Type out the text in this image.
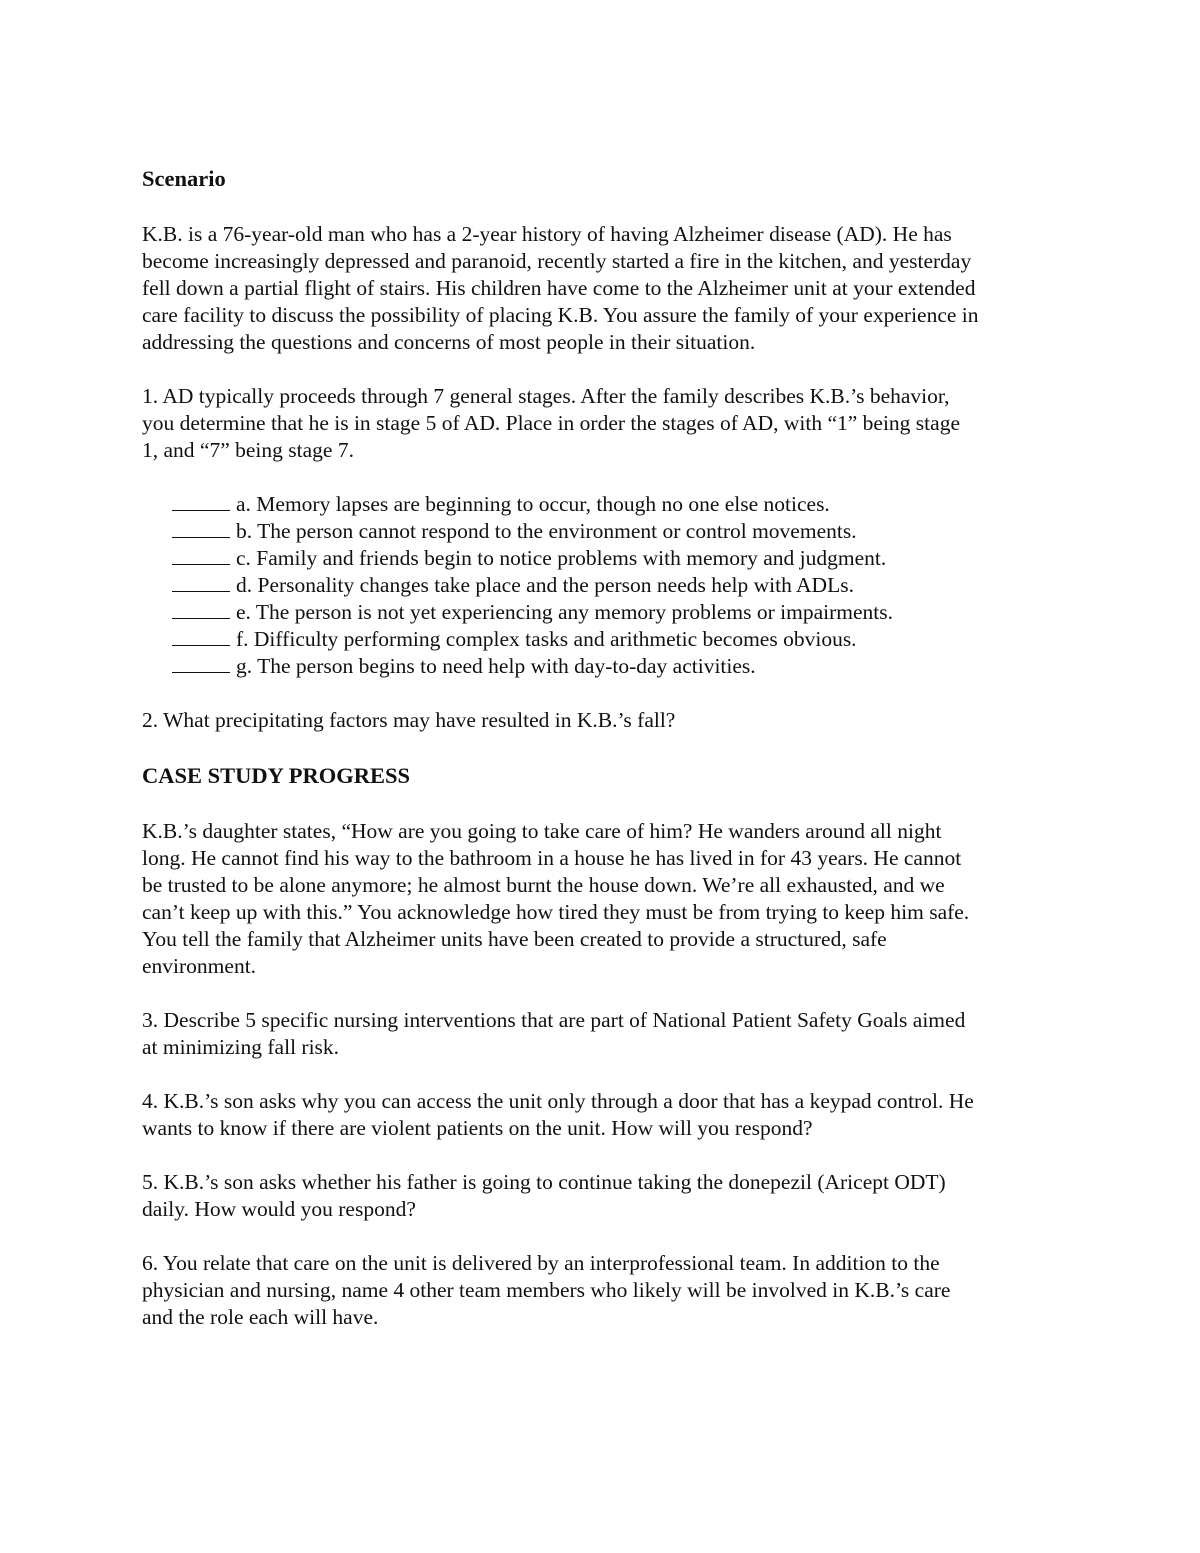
Scenario

K.B. is a 76-year-old man who has a 2-year history of having Alzheimer disease (AD). He has
become increasingly depressed and paranoid, recently started a fire in the kitchen, and yesterday
fell down a partial flight of stairs. His children have come to the Alzheimer unit at your extended
care facility to discuss the possibility of placing K.B. You assure the family of your experience in
addressing the questions and concerns of most people in their situation.

1. AD typically proceeds through 7 general stages. After the family describes K.B.’s behavior,
you determine that he is in stage 5 of AD. Place in order the stages of AD, with “1” being stage
1, and “7” being stage 7.

a. Memory lapses are beginning to occur, though no one else notices.
b. The person cannot respond to the environment or control movements.
c. Family and friends begin to notice problems with memory and judgment.
d. Personality changes take place and the person needs help with ADLs.
e. The person is not yet experiencing any memory problems or impairments.
f. Difficulty performing complex tasks and arithmetic becomes obvious.
g. The person begins to need help with day-to-day activities.

2. What precipitating factors may have resulted in K.B.’s fall?

CASE STUDY PROGRESS

K.B.’s daughter states, “How are you going to take care of him? He wanders around all night
long. He cannot find his way to the bathroom in a house he has lived in for 43 years. He cannot
be trusted to be alone anymore; he almost burnt the house down. We’re all exhausted, and we
can’t keep up with this.” You acknowledge how tired they must be from trying to keep him safe.
You tell the family that Alzheimer units have been created to provide a structured, safe
environment.

3. Describe 5 specific nursing interventions that are part of National Patient Safety Goals aimed
at minimizing fall risk.

4. K.B.’s son asks why you can access the unit only through a door that has a keypad control. He
wants to know if there are violent patients on the unit. How will you respond?

5. K.B.’s son asks whether his father is going to continue taking the donepezil (Aricept ODT)
daily. How would you respond?

6. You relate that care on the unit is delivered by an interprofessional team. In addition to the
physician and nursing, name 4 other team members who likely will be involved in K.B.’s care
and the role each will have.
